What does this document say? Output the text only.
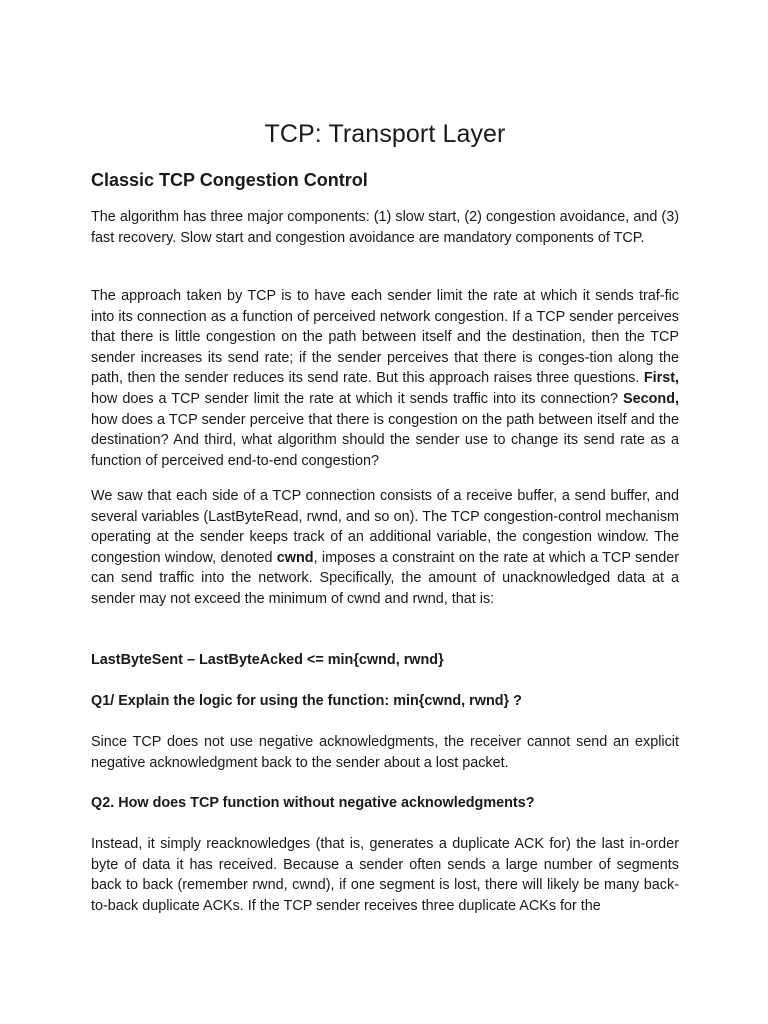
TCP: Transport Layer
Classic TCP Congestion Control

The algorithm has three major components: (1) slow start, (2) congestion avoidance, and (3) fast recovery. Slow start and congestion avoidance are mandatory components of TCP.

The approach taken by TCP is to have each sender limit the rate at which it sends traf-fic into its connection as a function of perceived network congestion. If a TCP sender perceives that there is little congestion on the path between itself and the destination, then the TCP sender increases its send rate; if the sender perceives that there is conges-tion along the path, then the sender reduces its send rate. But this approach raises three questions. First, how does a TCP sender limit the rate at which it sends traffic into its connection? Second, how does a TCP sender perceive that there is congestion on the path between itself and the destination? And third, what algorithm should the sender use to change its send rate as a function of perceived end-to-end congestion?

We saw that each side of a TCP connection consists of a receive buffer, a send buffer, and several variables (LastByteRead, rwnd, and so on). The TCP congestion-control mechanism operating at the sender keeps track of an additional variable, the congestion window. The congestion window, denoted cwnd, imposes a constraint on the rate at which a TCP sender can send traffic into the network. Specifically, the amount of unacknowledged data at a sender may not exceed the minimum of cwnd and rwnd, that is:

LastByteSent – LastByteAcked <= min{cwnd, rwnd}

Q1/ Explain the logic for using the function: min{cwnd, rwnd} ?

Since TCP does not use negative acknowledgments, the receiver cannot send an explicit negative acknowledgment back to the sender about a lost packet.

Q2. How does TCP function without negative acknowledgments?

Instead, it simply reacknowledges (that is, generates a duplicate ACK for) the last in-order byte of data it has received. Because a sender often sends a large number of segments back to back (remember rwnd, cwnd), if one segment is lost, there will likely be many back-to-back duplicate ACKs. If the TCP sender receives three duplicate ACKs for the
